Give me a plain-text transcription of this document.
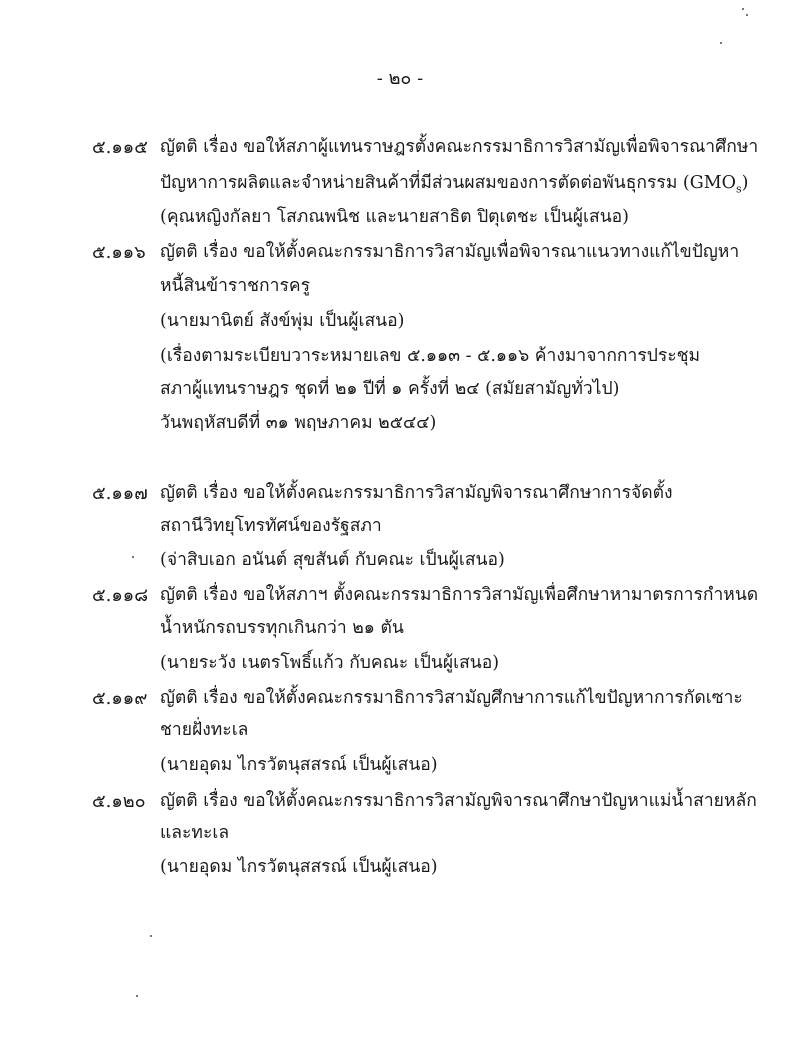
- ๒๐ -
๕.๑๑๕ ญัตติ เรื่อง ขอให้สภาผู้แทนราษฎรตั้งคณะกรรมาธิการวิสามัญเพื่อพิจารณาศึกษา
ปัญหาการผลิตและจำหน่ายสินค้าที่มีส่วนผสมของการตัดต่อพันธุกรรม $(GMO_s)$
(คุณหญิงกัลยา โสภณพนิช และนายสาธิต ปิตุเตชะ เป็นผู้เสนอ)
๕.๑๑๖ ญัตติ เรื่อง ขอให้ตั้งคณะกรรมาธิการวิสามัญเพื่อพิจารณาแนวทางแก้ไขปัญหา
หนี้สินข้าราชการครู
(นายมานิตย์ สังข์พุ่ม เป็นผู้เสนอ)
(เรื่องตามระเบียบวาระหมายเลข ๕.๑๑๓ - ๕.๑๑๖ ค้างมาจากการประชุม
สภาผู้แทนราษฎร ชุดที่ ๒๑ ปีที่ ๑ ครั้งที่ ๒๔ (สมัยสามัญทั่วไป)
วันพฤหัสบดีที่ ๓๑ พฤษภาคม ๒๕๔๔)
๕.๑๑๗ ญัตติ เรื่อง ขอให้ตั้งคณะกรรมาธิการวิสามัญพิจารณาศึกษาการจัดตั้ง
สถานีวิทยุโทรทัศน์ของรัฐสภา
(จ่าสิบเอก อนันต์ สุขสันต์ กับคณะ เป็นผู้เสนอ)
๕.๑๑๘ ญัตติ เรื่อง ขอให้สภาฯ ตั้งคณะกรรมาธิการวิสามัญเพื่อศึกษาหามาตรการกำหนด
น้ำหนักรถบรรทุกเกินกว่า ๒๑ ตัน
(นายระวัง เนตรโพธิ์แก้ว กับคณะ เป็นผู้เสนอ)
๕.๑๑๙ ญัตติ เรื่อง ขอให้ตั้งคณะกรรมาธิการวิสามัญศึกษาการแก้ไขปัญหาการกัดเซาะ
ชายฝั่งทะเล
(นายอุดม ไกรวัตนุสสรณ์ เป็นผู้เสนอ)
๕.๑๒๐ ญัตติ เรื่อง ขอให้ตั้งคณะกรรมาธิการวิสามัญพิจารณาศึกษาปัญหาแม่น้ำสายหลัก
และทะเล
(นายอุดม ไกรวัตนุสสรณ์ เป็นผู้เสนอ)
